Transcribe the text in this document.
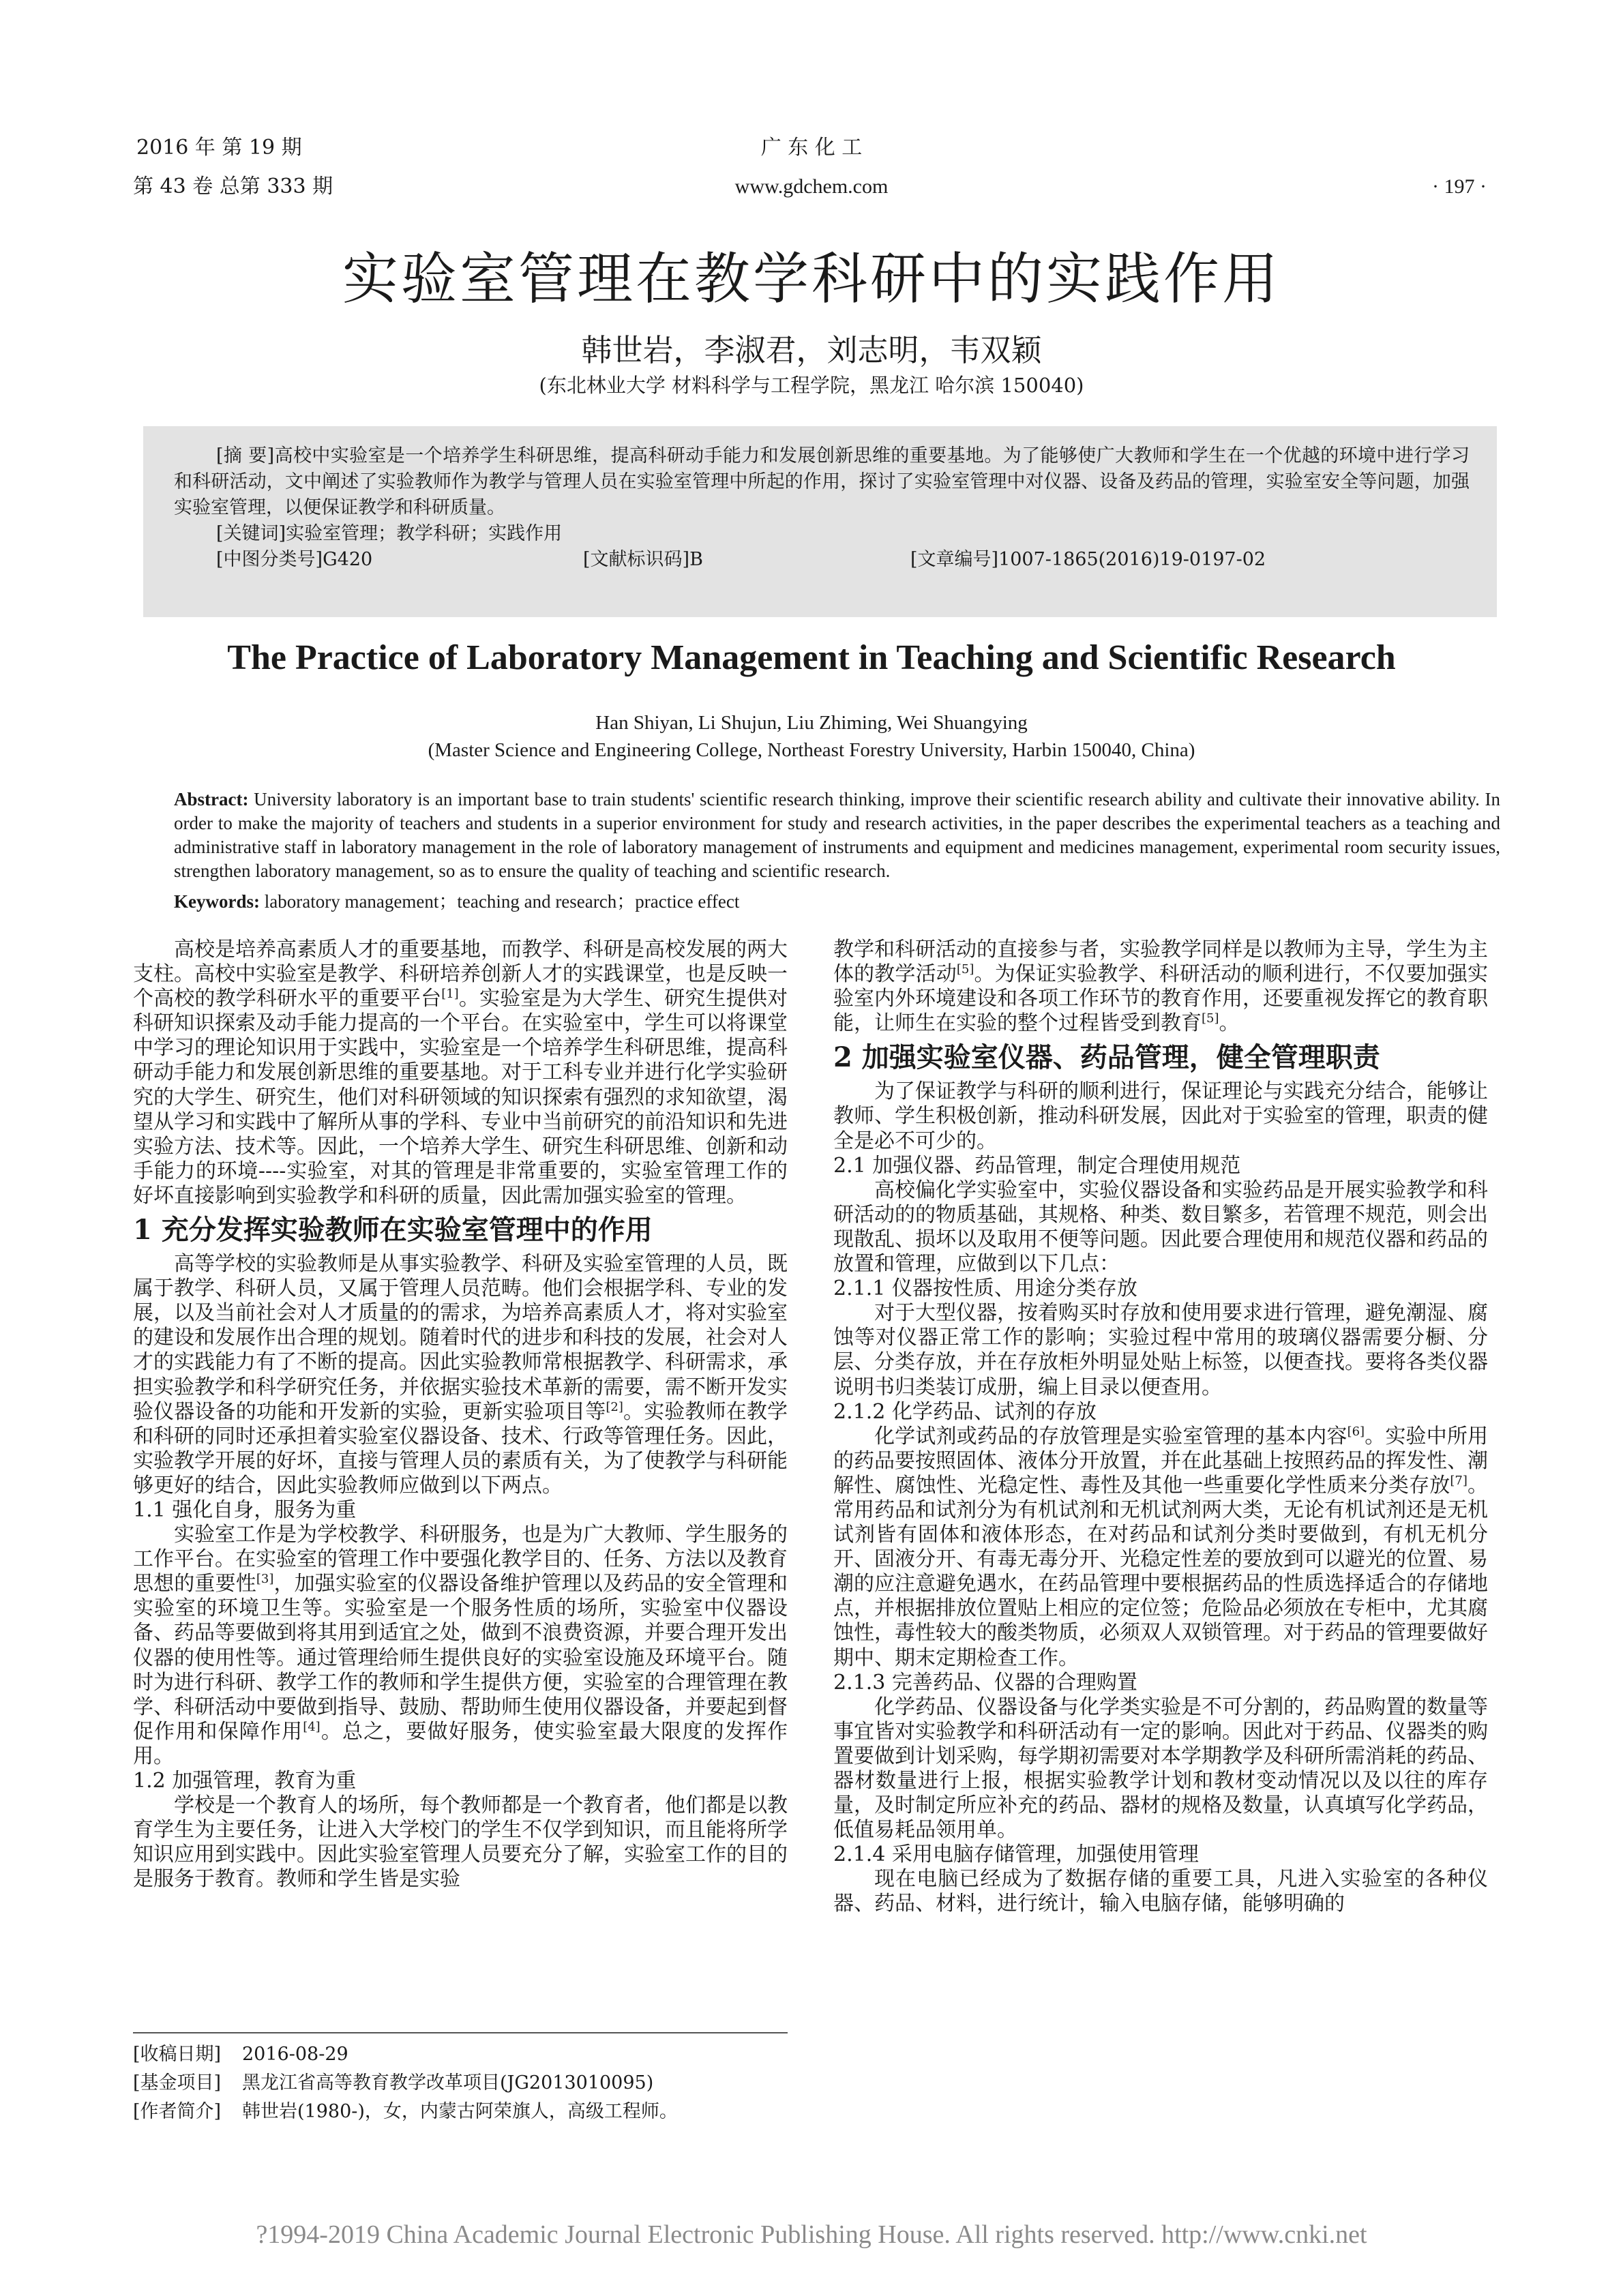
2016 年 第 19 期
第 43 卷 总第 333 期
广 东 化 工
www.gdchem.com	· 197 ·
实验室管理在教学科研中的实践作用
韩世岩，李淑君，刘志明，韦双颖
(东北林业大学 材料科学与工程学院，黑龙江 哈尔滨 150040)
[摘 要]高校中实验室是一个培养学生科研思维，提高科研动手能力和发展创新思维的重要基地。为了能够使广大教师和学生在一个优越的环境中进行学习和科研活动，文中阐述了实验教师作为教学与管理人员在实验室管理中所起的作用，探讨了实验室管理中对仪器、设备及药品的管理，实验室安全等问题，加强实验室管理，以便保证教学和科研质量。
[关键词]实验室管理；教学科研；实践作用
[中图分类号]G420	[文献标识码]B	[文章编号]1007-1865(2016)19-0197-02
The Practice of Laboratory Management in Teaching and Scientific Research
Han Shiyan, Li Shujun, Liu Zhiming, Wei Shuangying
(Master Science and Engineering College, Northeast Forestry University, Harbin 150040, China)
Abstract: University laboratory is an important base to train students' scientific research thinking, improve their scientific research ability and cultivate their innovative ability. In order to make the majority of teachers and students in a superior environment for study and research activities, in the paper describes the experimental teachers as a teaching and administrative staff in laboratory management in the role of laboratory management of instruments and equipment and medicines management, experimental room security issues, strengthen laboratory management, so as to ensure the quality of teaching and scientific research.
Keywords: laboratory management；teaching and research；practice effect

高校是培养高素质人才的重要基地，而教学、科研是高校发展的两大支柱。高校中实验室是教学、科研培养创新人才的实践课堂，也是反映一个高校的教学科研水平的重要平台[1]。实验室是为大学生、研究生提供对科研知识探索及动手能力提高的一个平台。在实验室中，学生可以将课堂中学习的理论知识用于实践中，实验室是一个培养学生科研思维，提高科研动手能力和发展创新思维的重要基地。对于工科专业并进行化学实验研究的大学生、研究生，他们对科研领域的知识探索有强烈的求知欲望，渴望从学习和实践中了解所从事的学科、专业中当前研究的前沿知识和先进实验方法、技术等。因此，一个培养大学生、研究生科研思维、创新和动手能力的环境----实验室，对其的管理是非常重要的，实验室管理工作的好坏直接影响到实验教学和科研的质量，因此需加强实验室的管理。

1 充分发挥实验教师在实验室管理中的作用

高等学校的实验教师是从事实验教学、科研及实验室管理的人员，既属于教学、科研人员，又属于管理人员范畴。他们会根据学科、专业的发展，以及当前社会对人才质量的的需求，为培养高素质人才，将对实验室的建设和发展作出合理的规划。随着时代的进步和科技的发展，社会对人才的实践能力有了不断的提高。因此实验教师常根据教学、科研需求，承担实验教学和科学研究任务，并依据实验技术革新的需要，需不断开发实验仪器设备的功能和开发新的实验，更新实验项目等[2]。实验教师在教学和科研的同时还承担着实验室仪器设备、技术、行政等管理任务。因此，实验教学开展的好坏，直接与管理人员的素质有关，为了使教学与科研能够更好的结合，因此实验教师应做到以下两点。

1.1 强化自身，服务为重

实验室工作是为学校教学、科研服务，也是为广大教师、学生服务的工作平台。在实验室的管理工作中要强化教学目的、任务、方法以及教育思想的重要性[3]，加强实验室的仪器设备维护管理以及药品的安全管理和实验室的环境卫生等。实验室是一个服务性质的场所，实验室中仪器设备、药品等要做到将其用到适宜之处，做到不浪费资源，并要合理开发出仪器的使用性等。通过管理给师生提供良好的实验室设施及环境平台。随时为进行科研、教学工作的教师和学生提供方便，实验室的合理管理在教学、科研活动中要做到指导、鼓励、帮助师生使用仪器设备，并要起到督促作用和保障作用[4]。总之，要做好服务，使实验室最大限度的发挥作用。

1.2 加强管理，教育为重

学校是一个教育人的场所，每个教师都是一个教育者，他们都是以教育学生为主要任务，让进入大学校门的学生不仅学到知识，而且能将所学知识应用到实践中。因此实验室管理人员要充分了解，实验室工作的目的是服务于教育。教师和学生皆是实验

教学和科研活动的直接参与者，实验教学同样是以教师为主导，学生为主体的教学活动[5]。为保证实验教学、科研活动的顺利进行，不仅要加强实验室内外环境建设和各项工作环节的教育作用，还要重视发挥它的教育职能，让师生在实验的整个过程皆受到教育[5]。

2 加强实验室仪器、药品管理，健全管理职责

为了保证教学与科研的顺利进行，保证理论与实践充分结合，能够让教师、学生积极创新，推动科研发展，因此对于实验室的管理，职责的健全是必不可少的。

2.1 加强仪器、药品管理，制定合理使用规范

高校偏化学实验室中，实验仪器设备和实验药品是开展实验教学和科研活动的的物质基础，其规格、种类、数目繁多，若管理不规范，则会出现散乱、损坏以及取用不便等问题。因此要合理使用和规范仪器和药品的放置和管理，应做到以下几点：

2.1.1 仪器按性质、用途分类存放

对于大型仪器，按着购买时存放和使用要求进行管理，避免潮湿、腐蚀等对仪器正常工作的影响；实验过程中常用的玻璃仪器需要分橱、分层、分类存放，并在存放柜外明显处贴上标签，以便查找。要将各类仪器说明书归类装订成册，编上目录以便查用。

2.1.2 化学药品、试剂的存放

化学试剂或药品的存放管理是实验室管理的基本内容[6]。实验中所用的药品要按照固体、液体分开放置，并在此基础上按照药品的挥发性、潮解性、腐蚀性、光稳定性、毒性及其他一些重要化学性质来分类存放[7]。常用药品和试剂分为有机试剂和无机试剂两大类，无论有机试剂还是无机试剂皆有固体和液体形态，在对药品和试剂分类时要做到，有机无机分开、固液分开、有毒无毒分开、光稳定性差的要放到可以避光的位置、易潮的应注意避免遇水，在药品管理中要根据药品的性质选择适合的存储地点，并根据排放位置贴上相应的定位签；危险品必须放在专柜中，尤其腐蚀性，毒性较大的酸类物质，必须双人双锁管理。对于药品的管理要做好期中、期末定期检查工作。

2.1.3 完善药品、仪器的合理购置

化学药品、仪器设备与化学类实验是不可分割的，药品购置的数量等事宜皆对实验教学和科研活动有一定的影响。因此对于药品、仪器类的购置要做到计划采购，每学期初需要对本学期教学及科研所需消耗的药品、器材数量进行上报，根据实验教学计划和教材变动情况以及以往的库存量，及时制定所应补充的药品、器材的规格及数量，认真填写化学药品，低值易耗品领用单。

2.1.4 采用电脑存储管理，加强使用管理

现在电脑已经成为了数据存储的重要工具，凡进入实验室的各种仪器、药品、材料，进行统计，输入电脑存储，能够明确的

[收稿日期] 2016-08-29
[基金项目] 黑龙江省高等教育教学改革项目(JG2013010095)
[作者简介] 韩世岩(1980-)，女，内蒙古阿荣旗人，高级工程师。
?1994-2019 China Academic Journal Electronic Publishing House. All rights reserved. http://www.cnki.net
